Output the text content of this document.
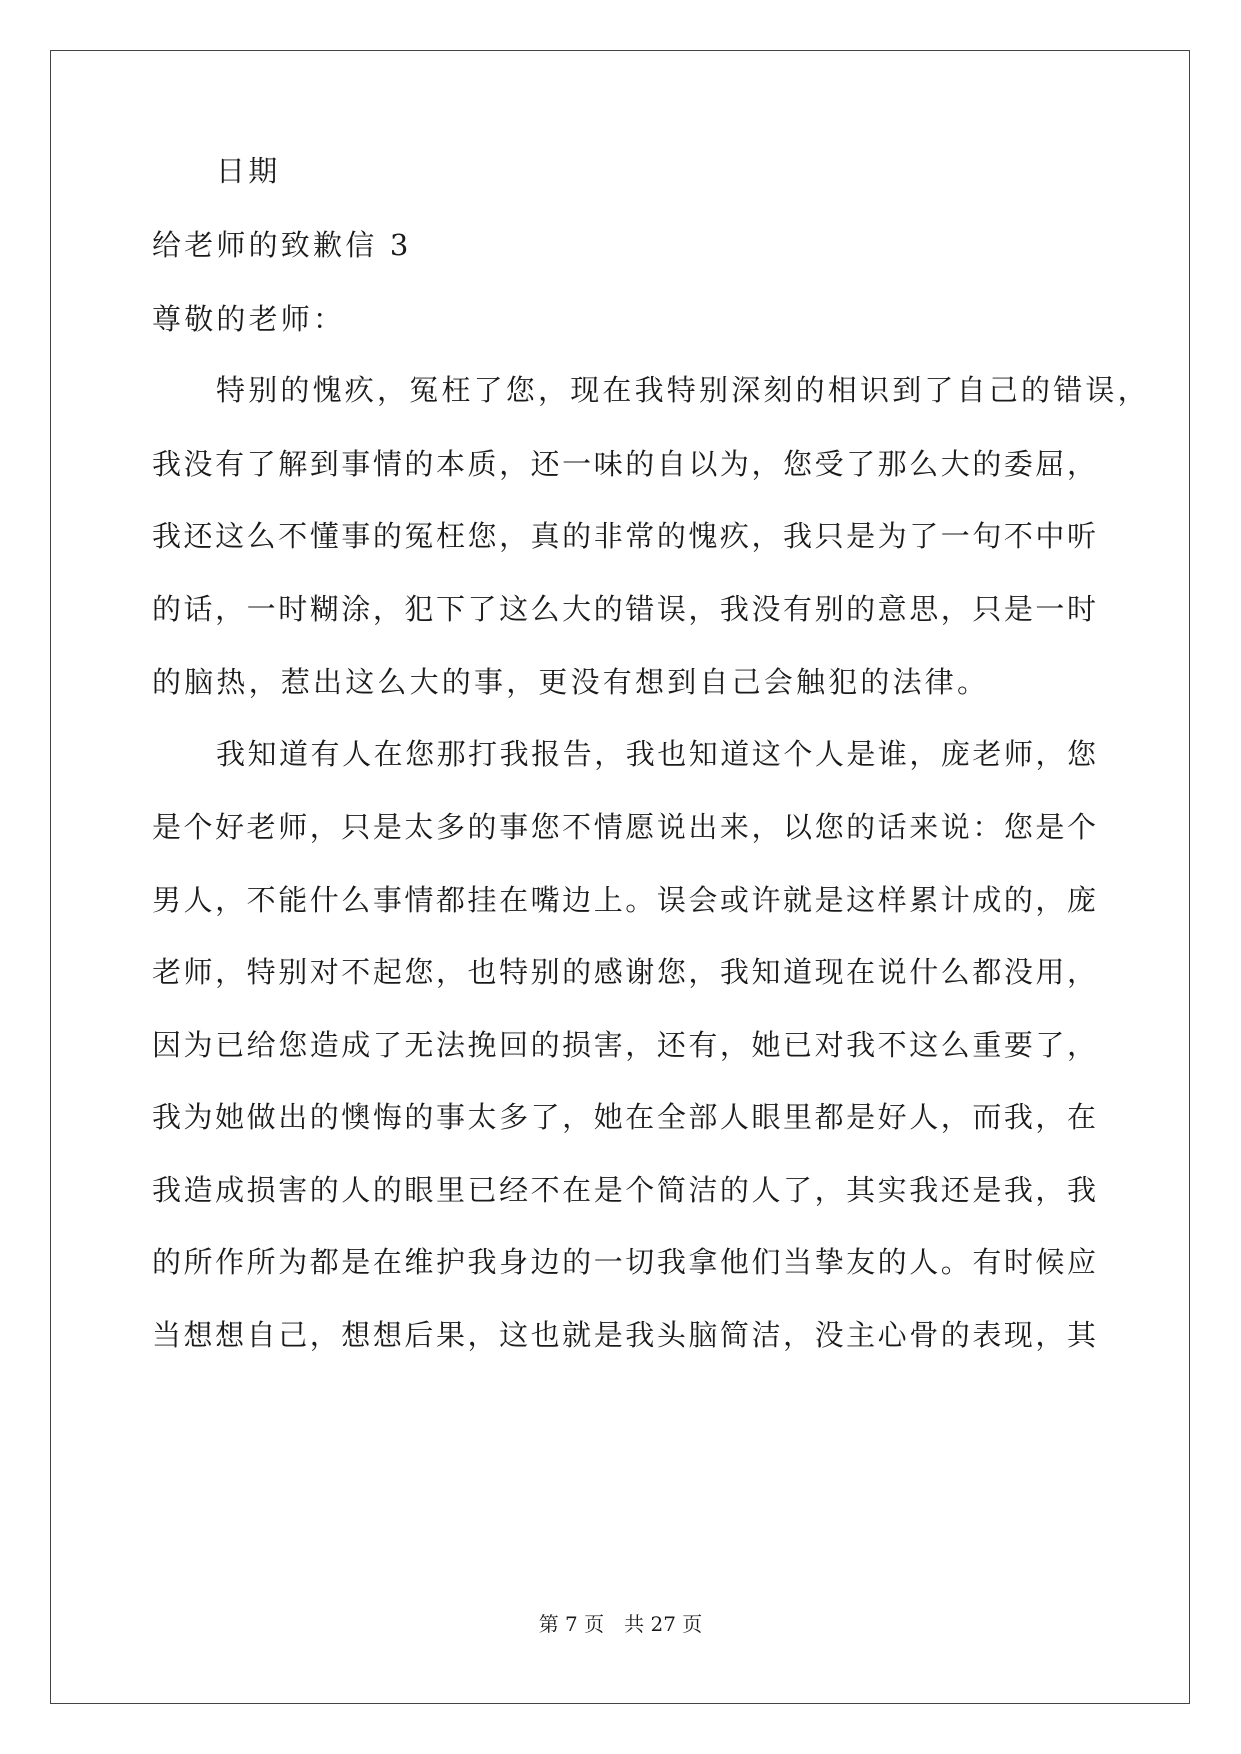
日期
给老师的致歉信 3
尊敬的老师：
特别的愧疚，冤枉了您，现在我特别深刻的相识到了自己的错误，
我没有了解到事情的本质，还一味的自以为，您受了那么大的委屈，
我还这么不懂事的冤枉您，真的非常的愧疚，我只是为了一句不中听
的话，一时糊涂，犯下了这么大的错误，我没有别的意思，只是一时
的脑热，惹出这么大的事，更没有想到自己会触犯的法律。
我知道有人在您那打我报告，我也知道这个人是谁，庞老师，您
是个好老师，只是太多的事您不情愿说出来，以您的话来说：您是个
男人，不能什么事情都挂在嘴边上。误会或许就是这样累计成的，庞
老师，特别对不起您，也特别的感谢您，我知道现在说什么都没用，
因为已给您造成了无法挽回的损害，还有，她已对我不这么重要了，
我为她做出的懊悔的事太多了，她在全部人眼里都是好人，而我，在
我造成损害的人的眼里已经不在是个简洁的人了，其实我还是我，我
的所作所为都是在维护我身边的一切我拿他们当挚友的人。有时候应
当想想自己，想想后果，这也就是我头脑简洁，没主心骨的表现，其
第 7 页　共 27 页
